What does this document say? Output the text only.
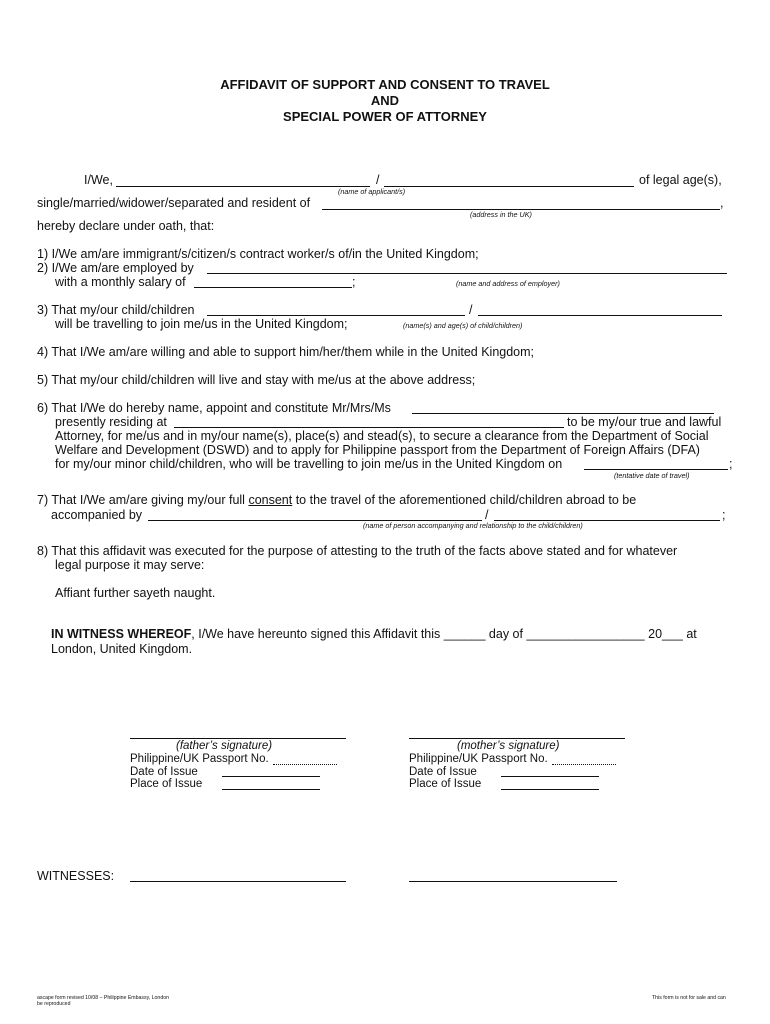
AFFIDAVIT OF SUPPORT AND CONSENT TO TRAVEL
AND
SPECIAL POWER OF ATTORNEY
I/We,	/	of legal age(s),
(name of applicant/s)
single/married/widower/separated and resident of	,
(address in the UK)
hereby declare under oath, that:
1) I/We am/are immigrant/s/citizen/s contract worker/s of/in the United Kingdom;
2) I/We am/are employed by
with a monthly salary of	;	(name and address of employer)
3) That my/our child/children	/
will be travelling to join me/us in the United Kingdom;	(name(s) and age(s) of child/children)
4) That I/We am/are willing and able to support him/her/them while in the United Kingdom;
5) That my/our child/children will live and stay with me/us at the above address;
6) That I/We do hereby name, appoint and constitute Mr/Mrs/Ms
presently residing at	to be my/our true and lawful
Attorney, for me/us and in my/our name(s), place(s) and stead(s), to secure a clearance from the Department of Social
Welfare and Development (DSWD) and to apply for Philippine passport from the Department of Foreign Affairs (DFA)
for my/our minor child/children, who will be travelling to join me/us in the United Kingdom on	;
(tentative date of travel)
7) That I/We am/are giving my/our full consent to the travel of the aforementioned child/children abroad to be
accompanied by	/	;
(name of person accompanying and relationship to the child/children)
8) That this affidavit was executed for the purpose of attesting to the truth of the facts above stated and for whatever
legal purpose it may serve:
Affiant further sayeth naught.
IN WITNESS WHEREOF, I/We have hereunto signed this Affidavit this ______ day of _________________ 20___ at
London, United Kingdom.
(father’s signature)
Philippine/UK Passport No.
Date of Issue
Place of Issue
(mother’s signature)
Philippine/UK Passport No.
Date of Issue
Place of Issue
WITNESSES:
ascape form revised 10/08 – Philippine Embassy, London
be reproduced
This form is not for sale and can
